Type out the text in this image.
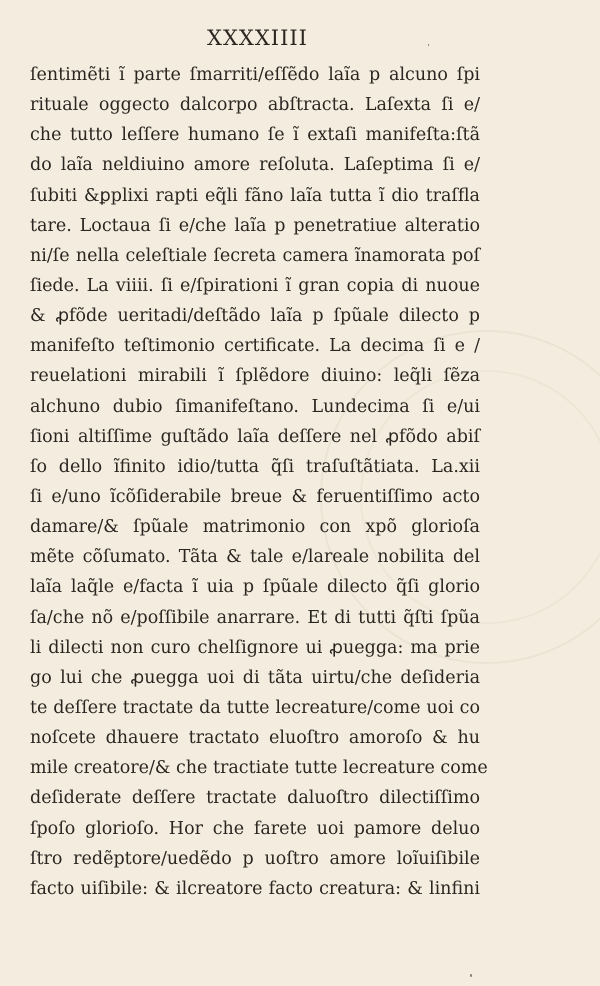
XXXXIIII
ſentimẽti ĩ parte ſmarriti/eſſẽdo laĩa p alcuno ſpi
rituale oggecto dalcorpo abſtracta. Laſexta ſi e/
che tutto leſſere humano ſe ĩ extaſi manifeſta:ſtã
do laĩa neldiuino amore reſoluta. Laſeptima ſi e/
ſubiti &ꝑplixi rapti eq̃li fãno laĩa tutta ĩ dio traſfla
tare. Loctaua ſi e/che laĩa p penetratiue alteratio
ni/ſe nella celeſtiale ſecreta camera ĩnamorata poſ
ſiede. La viiii. ſi e/ſpirationi ĩ gran copia di nuoue
& ꝓfõde ueritadi/deſtãdo laĩa p ſpũale dilecto p
manifeſto teſtimonio certificate. La decima ſi e /
reuelationi mirabili ĩ ſplẽdore diuino: leq̃li ſẽza
alchuno dubio ſimanifeſtano. Lundecima ſi e/ui
ſioni altiſſime guſtãdo laĩa deſſere nel ꝓfõdo abiſ
ſo dello ĩfinito idio/tutta q̃ſi traſuſtãtiata. La.xii
ſi e/uno ĩcõſiderabile breue & feruentiſſimo acto
damare/& ſpũale matrimonio con xpõ glorioſa
mẽte cõſumato. Tãta & tale e/lareale nobilita del
laĩa laq̃le e/facta ĩ uia p ſpũale dilecto q̃ſi glorio
ſa/che nõ e/poſſibile anarrare. Et di tutti q̃ſti ſpũa
li dilecti non curo chelſignore ui ꝓuegga: ma prie
go lui che ꝓuegga uoi di tãta uirtu/che deſideria
te deſſere tractate da tutte lecreature/come uoi co
noſcete dhauere tractato eluoſtro amoroſo & hu
mile creatore/& che tractiate tutte lecreature come
deſiderate deſſere tractate daluoſtro dilectiſſimo
ſpoſo glorioſo. Hor che farete uoi pamore deluo
ſtro redẽptore/uedẽdo p uoſtro amore loĩuiſibile
facto uiſibile: & ilcreatore facto creatura: & linfini
